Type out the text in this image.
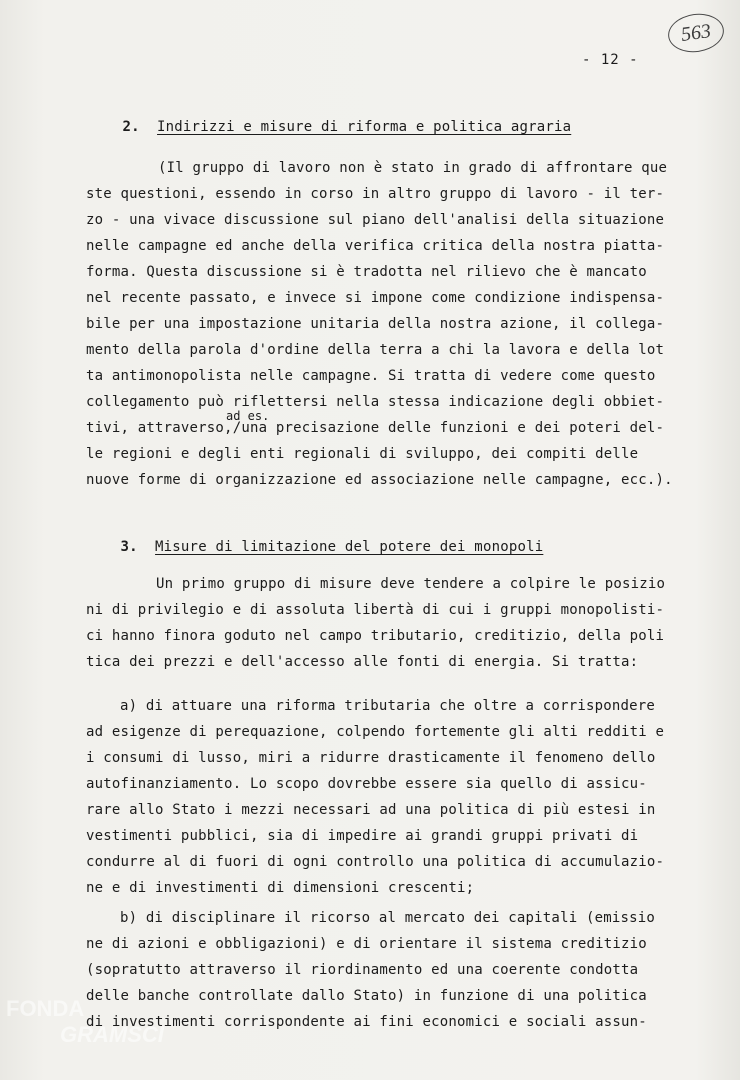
563
- 12 -

2. Indirizzi e misure di riforma e politica agraria

(Il gruppo di lavoro non è stato in grado di affrontare que
ste questioni, essendo in corso in altro gruppo di lavoro - il ter-
zo - una vivace discussione sul piano dell'analisi della situazione
nelle campagne ed anche della verifica critica della nostra piatta-
forma. Questa discussione si è tradotta nel rilievo che è mancato
nel recente passato, e invece si impone come condizione indispensa-
bile per una impostazione unitaria della nostra azione, il collega-
mento della parola d'ordine della terra a chi la lavora e della lot
ta antimonopolista nelle campagne. Si tratta di vedere come questo
collegamento può riflettersi nella stessa indicazione degli obbiet-
ad es.
tivi, attraverso,/una precisazione delle funzioni e dei poteri del-
le regioni e degli enti regionali di sviluppo, dei compiti delle
nuove forme di organizzazione ed associazione nelle campagne, ecc.).

3. Misure di limitazione del potere dei monopoli

Un primo gruppo di misure deve tendere a colpire le posizio
ni di privilegio e di assoluta libertà di cui i gruppi monopolisti-
ci hanno finora goduto nel campo tributario, creditizio, della poli
tica dei prezzi e dell'accesso alle fonti di energia. Si tratta:
a) di attuare una riforma tributaria che oltre a corrispondere
ad esigenze di perequazione, colpendo fortemente gli alti redditi e
i consumi di lusso, miri a ridurre drasticamente il fenomeno dello
autofinanziamento. Lo scopo dovrebbe essere sia quello di assicu-
rare allo Stato i mezzi necessari ad una politica di più estesi in
vestimenti pubblici, sia di impedire ai grandi gruppi privati di
condurre al di fuori di ogni controllo una politica di accumulazio-
ne e di investimenti di dimensioni crescenti;
b) di disciplinare il ricorso al mercato dei capitali (emissio
ne di azioni e obbligazioni) e di orientare il sistema creditizio
(sopratutto attraverso il riordinamento ed una coerente condotta
delle banche controllate dallo Stato) in funzione di una politica
di investimenti corrispondente ai fini economici e sociali assun-
FONDA
GRAMSCI
